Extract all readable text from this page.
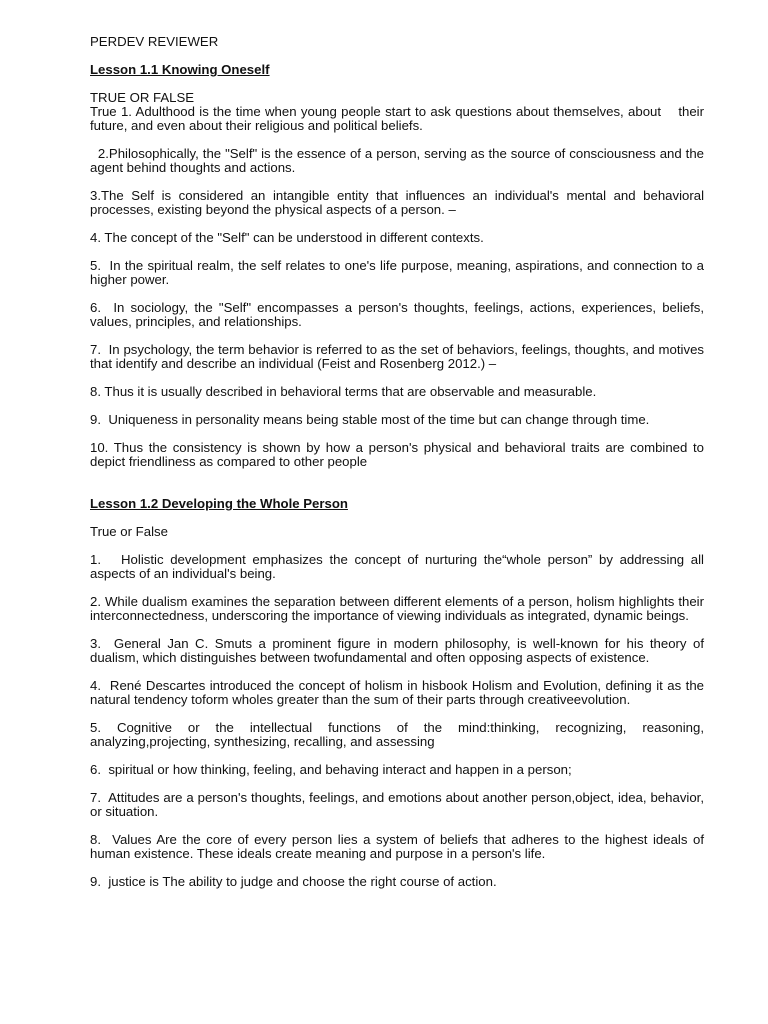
PERDEV REVIEWER

Lesson 1.1 Knowing Oneself

TRUE OR FALSE

True 1. Adulthood is the time when young people start to ask questions about themselves, about    their future, and even about their religious and political beliefs.

2.Philosophically, the "Self" is the essence of a person, serving as the source of consciousness and the agent behind thoughts and actions.

3.The Self is considered an intangible entity that influences an individual's mental and behavioral processes, existing beyond the physical aspects of a person. –

4. The concept of the "Self" can be understood in different contexts.

5.  In the spiritual realm, the self relates to one's life purpose, meaning, aspirations, and connection to a higher power.

6.  In sociology, the "Self" encompasses a person's thoughts, feelings, actions, experiences, beliefs, values, principles, and relationships.

7.  In psychology, the term behavior is referred to as the set of behaviors, feelings, thoughts, and motives that identify and describe an individual (Feist and Rosenberg 2012.) –

8. Thus it is usually described in behavioral terms that are observable and measurable.

9.  Uniqueness in personality means being stable most of the time but can change through time.

10. Thus the consistency is shown by how a person's physical and behavioral traits are combined to depict friendliness as compared to other people

Lesson 1.2 Developing the Whole Person

True or False

1.   Holistic development emphasizes the concept of nurturing the“whole person” by addressing all aspects of an individual's being.

2. While dualism examines the separation between different elements of a person, holism highlights their interconnectedness, underscoring the importance of viewing individuals as integrated, dynamic beings.

3.  General Jan C. Smuts a prominent figure in modern philosophy, is well-known for his theory of dualism, which distinguishes between twofundamental and often opposing aspects of existence.

4.  René Descartes introduced the concept of holism in hisbook Holism and Evolution, defining it as the natural tendency toform wholes greater than the sum of their parts through creativeevolution.

5. Cognitive or the intellectual functions of the mind:thinking, recognizing, reasoning, analyzing,projecting, synthesizing, recalling, and assessing

6.  spiritual or how thinking, feeling, and behaving interact and happen in a person;

7.  Attitudes are a person's thoughts, feelings, and emotions about another person,object, idea, behavior, or situation.

8.  Values Are the core of every person lies a system of beliefs that adheres to the highest ideals of human existence. These ideals create meaning and purpose in a person's life.

9.  justice is The ability to judge and choose the right course of action.
